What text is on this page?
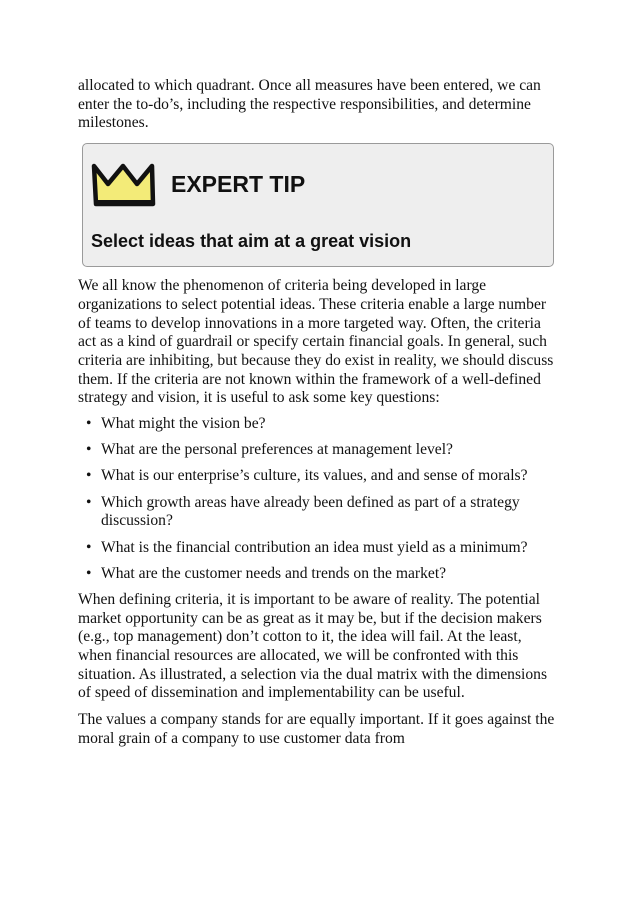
allocated to which quadrant. Once all measures have been entered, we can enter the to-do’s, including the respective responsibilities, and determine milestones.

EXPERT TIP
Select ideas that aim at a great vision

We all know the phenomenon of criteria being developed in large organizations to select potential ideas. These criteria enable a large number of teams to develop innovations in a more targeted way. Often, the criteria act as a kind of guardrail or specify certain financial goals. In general, such criteria are inhibiting, but because they do exist in reality, we should discuss them. If the criteria are not known within the framework of a well-defined strategy and vision, it is useful to ask some key questions:

• What might the vision be?
• What are the personal preferences at management level?
• What is our enterprise’s culture, its values, and and sense of morals?
• Which growth areas have already been defined as part of a strategy discussion?
• What is the financial contribution an idea must yield as a minimum?
• What are the customer needs and trends on the market?

When defining criteria, it is important to be aware of reality. The potential market opportunity can be as great as it may be, but if the decision makers (e.g., top management) don’t cotton to it, the idea will fail. At the least, when financial resources are allocated, we will be confronted with this situation. As illustrated, a selection via the dual matrix with the dimensions of speed of dissemination and implementability can be useful.

The values a company stands for are equally important. If it goes against the moral grain of a company to use customer data from
